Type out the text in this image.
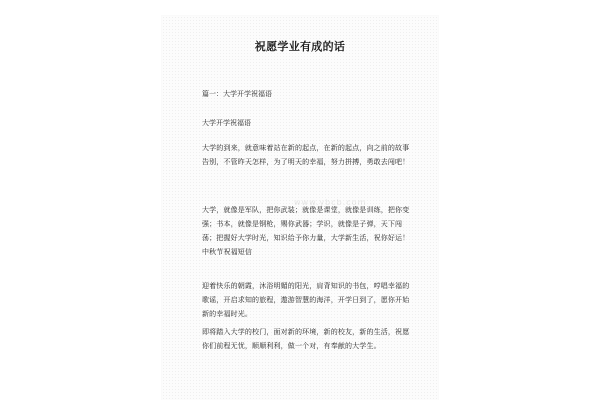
祝愿学业有成的话

篇一：大学开学祝福语

大学开学祝福语

大学的到来，就意味着站在新的起点，在新的起点，向之前的故事告别，不管昨天怎样，为了明天的幸福，努力拼搏，勇敢去闯吧！

大学，就像是军队，把你武装；就像是课堂，就像是训练，把你变强；书本，就像是钢枪，赐你武器；学识，就像是子弹，天下闯荡；把握好大学时光，知识给予你力量，大学新生活，祝你好运！ 中秋节祝福短信

迎着快乐的朝霞，沐浴明媚的阳光，肩背知识的书包，哼唱幸福的歌谣，开启求知的旅程，遨游智慧的海洋，开学日到了，愿你开始新的幸福时光。

即将踏入大学的校门，面对新的环境，新的校友，新的生活，祝愿你们前程无忧，顺顺利利，做一个对，有奉献的大学生。

www.ybcb.com
